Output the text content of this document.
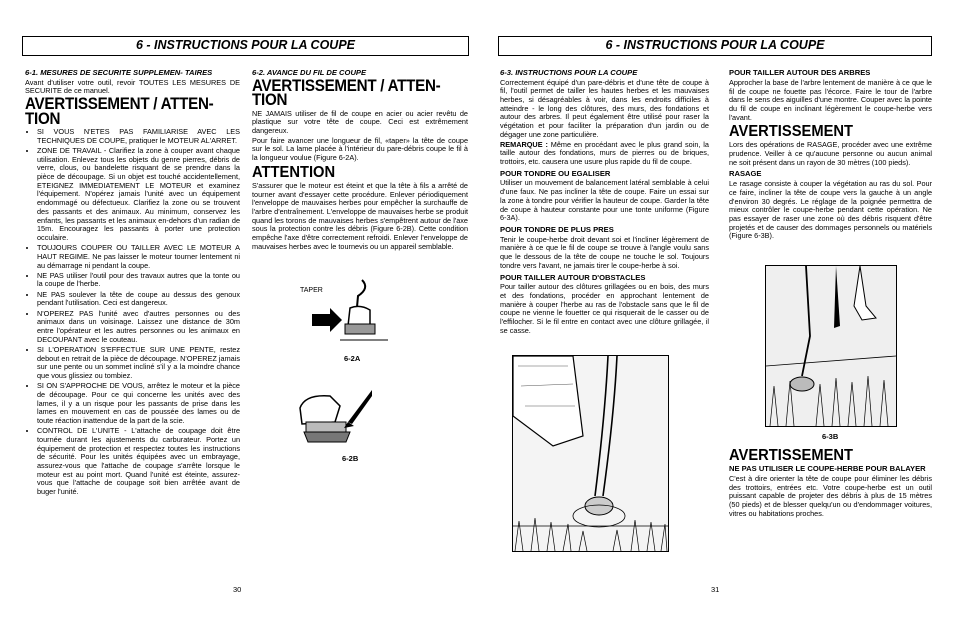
6 - INSTRUCTIONS POUR LA COUPE
6-1. MESURES DE SECURITE SUPPLEMEN- TAIRES

Avant d'utiliser votre outil, revoir TOUTES LES MESURES DE SECURITE de ce manuel.

AVERTISSEMENT / ATTEN- TION
• SI VOUS N'ETES PAS FAMILIARISE AVEC LES TECHNIQUES DE COUPE, pratiquer le MOTEUR AL'ARRET.
• ZONE DE TRAVAIL - Clarifiez la zone à couper avant chaque utilisation. Enlevez tous les objets du genre pierres, débris de verre, clous, ou bandelette risquant de se prendre dans la pièce de découpage. Si un objet est touché accidentellement, ETEIGNEZ IMMEDIATEMENT LE MOTEUR et examinez l'équipement. N'opérez jamais l'unité avec un équipement endommagé ou défectueux. Clarifiez la zone ou se trouvent des passants et des animaux. Au minimum, conservez les enfants, les passants et les animaux en-dehors d'un radian de 15m. Encouragez les passants à porter une protection occulaire.
• TOUJOURS COUPER OU TAILLER AVEC LE MOTEUR A HAUT REGIME. Ne pas laisser le moteur tourner lentement ni au démarrage ni pendant la coupe.
• NE PAS utiliser l'outil pour des travaux autres que la tonte ou la coupe de l'herbe.
• NE PAS soulever la tête de coupe au dessus des genoux pendant l'utilisation. Ceci est dangereux.
• N'OPEREZ PAS l'unité avec d'autres personnes ou des animaux dans un voisinage. Laissez une distance de 30m entre l'opérateur et les autres personnes ou les animaux en DECOUPANT avec le couteau.
• SI L'OPERATION S'EFFECTUE SUR UNE PENTE, restez debout en retrait de la pièce de découpage. N'OPEREZ jamais sur une pente ou un sommet incliné s'il y a la moindre chance que vous glissiez ou tombiez.
• SI ON S'APPROCHE DE VOUS, arrêtez le moteur et la pièce de découpage. Pour ce qui concerne les unités avec des lames, il y a un risque pour les passants de prise dans les lames en mouvement en cas de poussée des lames ou de toute réaction inattendue de la part de la scie.
• CONTROL DE L'UNITE - L'attache de coupage doit être tournée durant les ajustements du carburateur. Portez un équipement de protection et respectez toutes les instructions de sécurité. Pour les unités équipées avec un embrayage, assurez-vous que l'attache de coupage s'arrête lorsque le moteur est au point mort. Quand l'unité est éteinte, assurez-vous que l'attache de coupage soit bien arrêtée avant de buger l'unité.
6-2. AVANCE DU FIL DE COUPE
AVERTISSEMENT / ATTEN- TION

NE JAMAIS utiliser de fil de coupe en acier ou acier revêtu de plastique sur votre tête de coupe. Ceci est extrêmement dangereux.

Pour faire avancer une longueur de fil, «taper» la tête de coupe sur le sol. La lame placée à l'intérieur du pare-débris coupe le fil à la longueur voulue (Figure 6-2A).

ATTENTION

S'assurer que le moteur est éteint et que la tête à fils a arrêté de tourner avant d'essayer cette procédure. Enlever périodiquement l'enveloppe de mauvaises herbes pour empêcher la surchauffe de l'arbre d'entraînement. L'enveloppe de mauvaises herbe se produit quand les torons de mauvaises herbes s'empêtrent autour de l'axe sous la protection contre les débris (Figure 6-2B). Cette condition empêche l'axe d'être correctement refroidi. Enlever l'enveloppe de mauvaises herbes avec le tournevis ou un appareil semblable.

TAPER
6-2A
6-2B
30
6 - INSTRUCTIONS POUR LA COUPE
6-3. INSTRUCTIONS POUR LA COUPE

Correctement équipé d'un pare-débris et d'une tête de coupe à fil, l'outil permet de tailler les hautes herbes et les mauvaises herbes, si désagréables à voir, dans les endroits difficiles à atteindre - le long des clôtures, des murs, des fondations et autour des arbres. Il peut également être utilisé pour raser la végétation et pour faciliter la préparation d'un jardin ou de dégager une zone particulière.

REMARQUE : Même en procédant avec le plus grand soin, la taille autour des fondations, murs de pierres ou de briques, trottoirs, etc. causera une usure plus rapide du fil de coupe.

POUR TONDRE OU EGALISER

Utiliser un mouvement de balancement latéral semblable à celui d'une faux. Ne pas incliner la tête de coupe. Faire un essai sur la zone à tondre pour vérifier la hauteur de coupe. Garder la tête de coupe à hauteur constante pour une tonte uniforme (Figure 6-3A).

POUR TONDRE DE PLUS PRES

Tenir le coupe-herbe droit devant soi et l'incliner légèrement de manière à ce que le fil de coupe se trouve à l'angle voulu sans que le dessous de la tête de coupe ne touche le sol. Toujours tondre vers l'avant, ne jamais tirer le coupe-herbe à soi.

POUR TAILLER AUTOUR D'OBSTACLES

Pour tailler autour des clôtures grillagées ou en bois, des murs et des fondations, procéder en approchant lentement de manière à couper l'herbe au ras de l'obstacle sans que le fil de coupe ne vienne le fouetter ce qui risquerait de le casser ou de l'effilocher. Si le fil entre en contact avec une clôture grillagée, il se casse.

POUR TAILLER AUTOUR DES ARBRES

Approcher la base de l'arbre lentement de manière à ce que le fil de coupe ne fouette pas l'écorce. Faire le tour de l'arbre dans le sens des aiguilles d'une montre. Couper avec la pointe du fil de coupe en inclinant légèrement le coupe-herbe vers l'avant.

AVERTISSEMENT

Lors des opérations de RASAGE, procéder avec une extrême prudence. Veiller à ce qu'aucune personne ou aucun animal ne soit présent dans un rayon de 30 mètres (100 pieds).

RASAGE

Le rasage consiste à couper la végétation au ras du sol. Pour ce faire, incliner la tête de coupe vers la gauche à un angle d'environ 30 degrés. Le réglage de la poignée permettra de mieux contrôler le coupe-herbe pendant cette opération. Ne pas essayer de raser une zone où des débris risquent d'être projetés et de causer des dommages personnels ou matériels (Figure 6-3B).

6-3B
AVERTISSEMENT
NE PAS UTILISER LE COUPE-HERBE POUR BALAYER

C'est à dire orienter la tête de coupe pour éliminer les débris des trottoirs, entrées etc. Votre coupe-herbe est un outil puissant capable de projeter des débris à plus de 15 mètres (50 pieds) et de blesser quelqu'un ou d'endommager voitures, vitres ou habitations proches.

31
